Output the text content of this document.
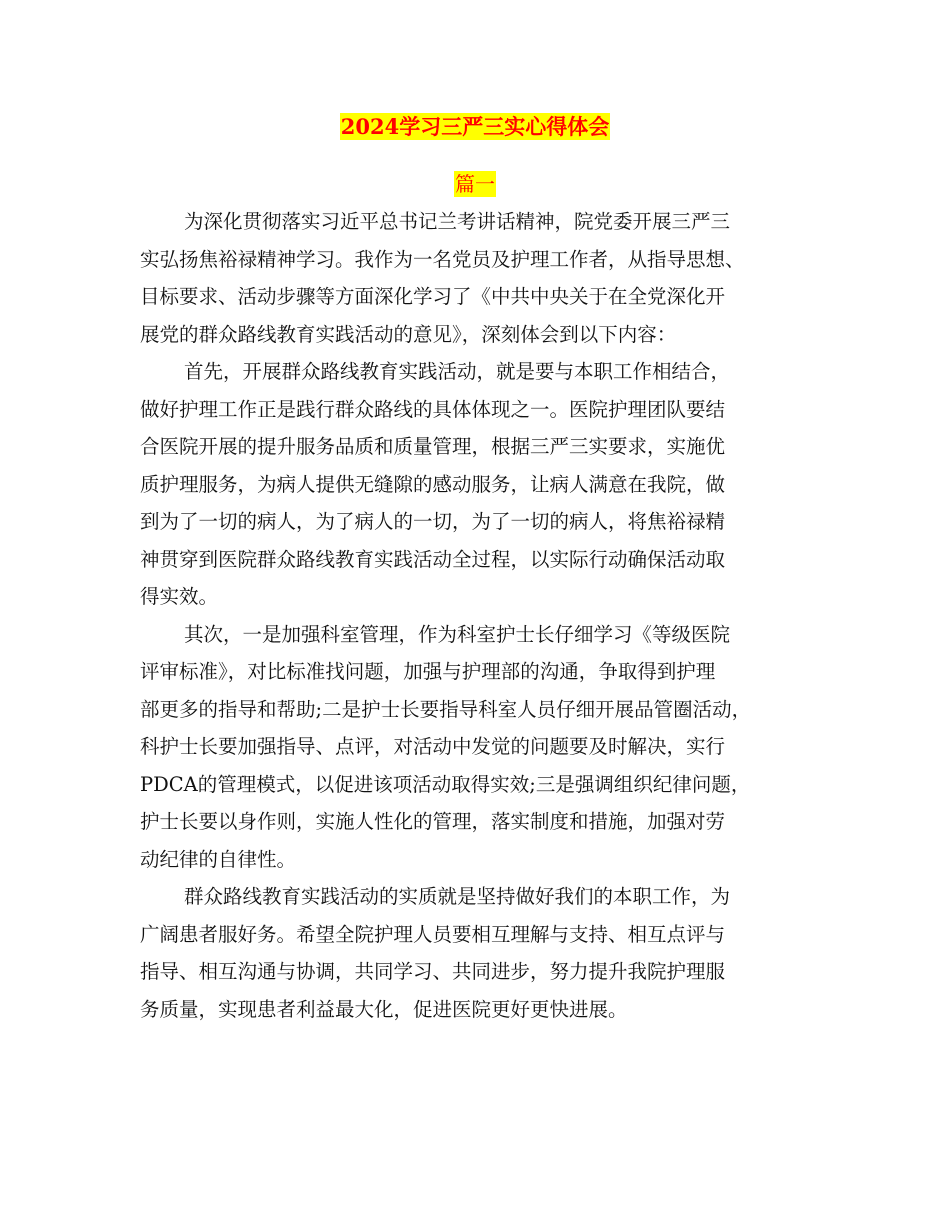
2024学习三严三实心得体会
篇一

为深化贯彻落实习近平总书记兰考讲话精神，院党委开展三严三
实弘扬焦裕禄精神学习。我作为一名党员及护理工作者，从指导思想、
目标要求、活动步骤等方面深化学习了《中共中央关于在全党深化开
展党的群众路线教育实践活动的意见》，深刻体会到以下内容：

首先，开展群众路线教育实践活动，就是要与本职工作相结合，
做好护理工作正是践行群众路线的具体体现之一。医院护理团队要结
合医院开展的提升服务品质和质量管理，根据三严三实要求，实施优
质护理服务，为病人提供无缝隙的感动服务，让病人满意在我院，做
到为了一切的病人，为了病人的一切，为了一切的病人，将焦裕禄精
神贯穿到医院群众路线教育实践活动全过程，以实际行动确保活动取
得实效。

其次，一是加强科室管理，作为科室护士长仔细学习《等级医院
评审标准》，对比标准找问题，加强与护理部的沟通，争取得到护理
部更多的指导和帮助;二是护士长要指导科室人员仔细开展品管圈活动，
科护士长要加强指导、点评，对活动中发觉的问题要及时解决，实行
PDCA的管理模式，以促进该项活动取得实效;三是强调组织纪律问题，
护士长要以身作则，实施人性化的管理，落实制度和措施，加强对劳
动纪律的自律性。

群众路线教育实践活动的实质就是坚持做好我们的本职工作，为
广阔患者服好务。希望全院护理人员要相互理解与支持、相互点评与
指导、相互沟通与协调，共同学习、共同进步，努力提升我院护理服
务质量，实现患者利益最大化，促进医院更好更快进展。
